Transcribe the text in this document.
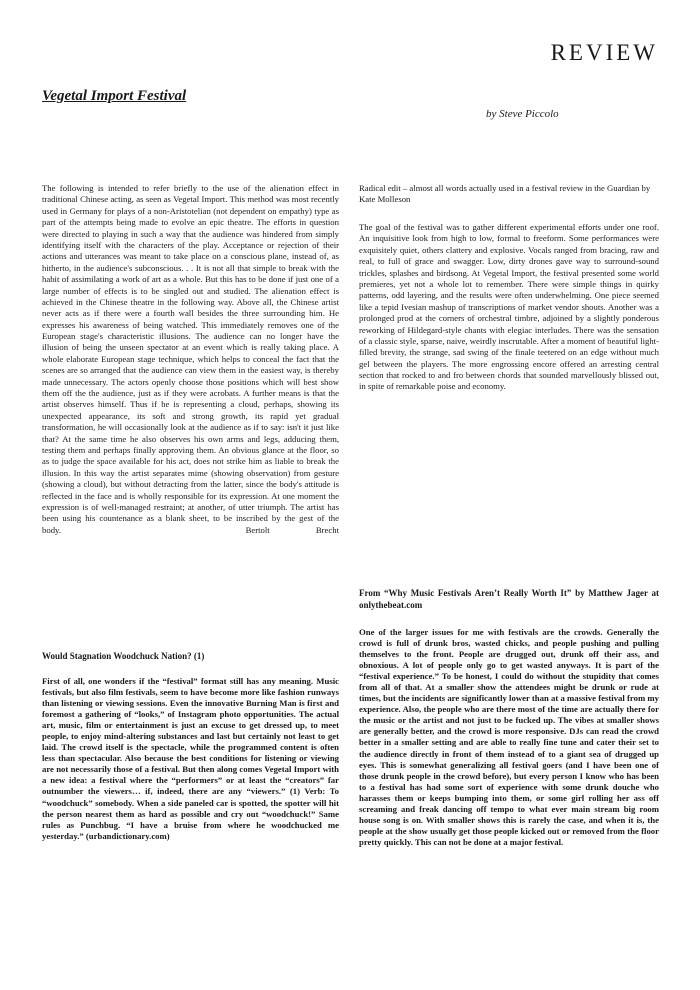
REVIEW
Vegetal Import Festival
by Steve Piccolo

The following is intended to refer briefly to the use of the alienation effect in traditional Chinese acting, as seen as Vegetal Import. This method was most recently used in Germany for plays of a non-Aristotelian (not dependent on empathy) type as part of the attempts being made to evolve an epic theatre. The efforts in question were directed to playing in such a way that the audience was hindered from simply identifying itself with the characters of the play. Acceptance or rejection of their actions and utterances was meant to take place on a conscious plane, instead of, as hitherto, in the audience's subconscious. . . It is not all that simple to break with the habit of assimilating a work of art as a whole. But this has to be done if just one of a large number of effects is to be singled out and studied. The alienation effect is achieved in the Chinese theatre in the following way. Above all, the Chinese artist never acts as if there were a fourth wall besides the three surrounding him. He expresses his awareness of being watched. This immediately removes one of the European stage's characteristic illusions. The audience can no longer have the illusion of being the unseen spectator at an event which is really taking place. A whole elaborate European stage technique, which helps to conceal the fact that the scenes are so arranged that the audience can view them in the easiest way, is thereby made unnecessary. The actors openly choose those positions which will best show them off the the audience, just as if they were acrobats. A further means is that the artist observes himself. Thus if he is representing a cloud, perhaps, showing its unexpected appearance, its soft and strong growth, its rapid yet gradual transformation, he will occasionally look at the audience as if to say: isn't it just like that? At the same time he also observes his own arms and legs, adducing them, testing them and perhaps finally approving them. An obvious glance at the floor, so as to judge the space available for his act, does not strike him as liable to break the illusion. In this way the artist separates mime (showing observation) from gesture (showing a cloud), but without detracting from the latter, since the body's attitude is reflected in the face and is wholly responsible for its expression. At one moment the expression is of well-managed restraint; at another, of utter triumph. The artist has been using his countenance as a blank sheet, to be inscribed by the gest of the body.	Bertolt Brecht

Would Stagnation Woodchuck Nation? (1)
First of all, one wonders if the “festival” format still has any meaning. Music festivals, but also film festivals, seem to have become more like fashion runways than listening or viewing sessions. Even the innovative Burning Man is first and foremost a gathering of “looks,” of Instagram photo opportunities. The actual art, music, film or entertainment is just an excuse to get dressed up, to meet people, to enjoy mind-altering substances and last but certainly not least to get laid. The crowd itself is the spectacle, while the programmed content is often less than spectacular. Also because the best conditions for listening or viewing are not necessarily those of a festival. But then along comes Vegetal Import with a new idea: a festival where the “performers” or at least the “creators” far outnumber the viewers… if, indeed, there are any “viewers.” (1) Verb: To “woodchuck” somebody. When a side paneled car is spotted, the spotter will hit the person nearest them as hard as possible and cry out “woodchuck!” Same rules as Punchbug. “I have a bruise from where he woodchucked me yesterday.” (urbandictionary.com)
Radical edit – almost all words actually used in a festival review in the Guardian by Kate Molleson
The goal of the festival was to gather different experimental efforts under one roof. An inquisitive look from high to low, formal to freeform. Some performances were exquisitely quiet, others clattery and explosive. Vocals ranged from bracing, raw and real, to full of grace and swagger. Low, dirty drones gave way to surround-sound trickles, splashes and birdsong. At Vegetal Import, the festival presented some world premieres, yet not a whole lot to remember. There were simple things in quirky patterns, odd layering, and the results were often underwhelming. One piece seemed like a tepid Ivesian mashup of transcriptions of market vendor shouts. Another was a prolonged prod at the corners of orchestral timbre, adjoined by a slightly ponderous reworking of Hildegard-style chants with elegiac interludes. There was the sensation of a classic style, sparse, naive, weirdly inscrutable. After a moment of beautiful light-filled brevity, the strange, sad swing of the finale teetered on an edge without much gel between the players. The more engrossing encore offered an arresting central section that rocked to and fro between chords that sounded marvellously blissed out, in spite of remarkable poise and economy.
From “Why Music Festivals Aren’t Really Worth It” by Matthew Jager at onlythebeat.com
One of the larger issues for me with festivals are the crowds. Generally the crowd is full of drunk bros, wasted chicks, and people pushing and pulling themselves to the front. People are drugged out, drunk off their ass, and obnoxious. A lot of people only go to get wasted anyways. It is part of the “festival experience.” To be honest, I could do without the stupidity that comes from all of that. At a smaller show the attendees might be drunk or rude at times, but the incidents are significantly lower than at a massive festival from my experience. Also, the people who are there most of the time are actually there for the music or the artist and not just to be fucked up. The vibes at smaller shows are generally better, and the crowd is more responsive. DJs can read the crowd better in a smaller setting and are able to really fine tune and cater their set to the audience directly in front of them instead of to a giant sea of drugged up eyes. This is somewhat generalizing all festival goers (and I have been one of those drunk people in the crowd before), but every person I know who has been to a festival has had some sort of experience with some drunk douche who harasses them or keeps bumping into them, or some girl rolling her ass off screaming and freak dancing off tempo to what ever main stream big room house song is on. With smaller shows this is rarely the case, and when it is, the people at the show usually get those people kicked out or removed from the floor pretty quickly. This can not be done at a major festival.
